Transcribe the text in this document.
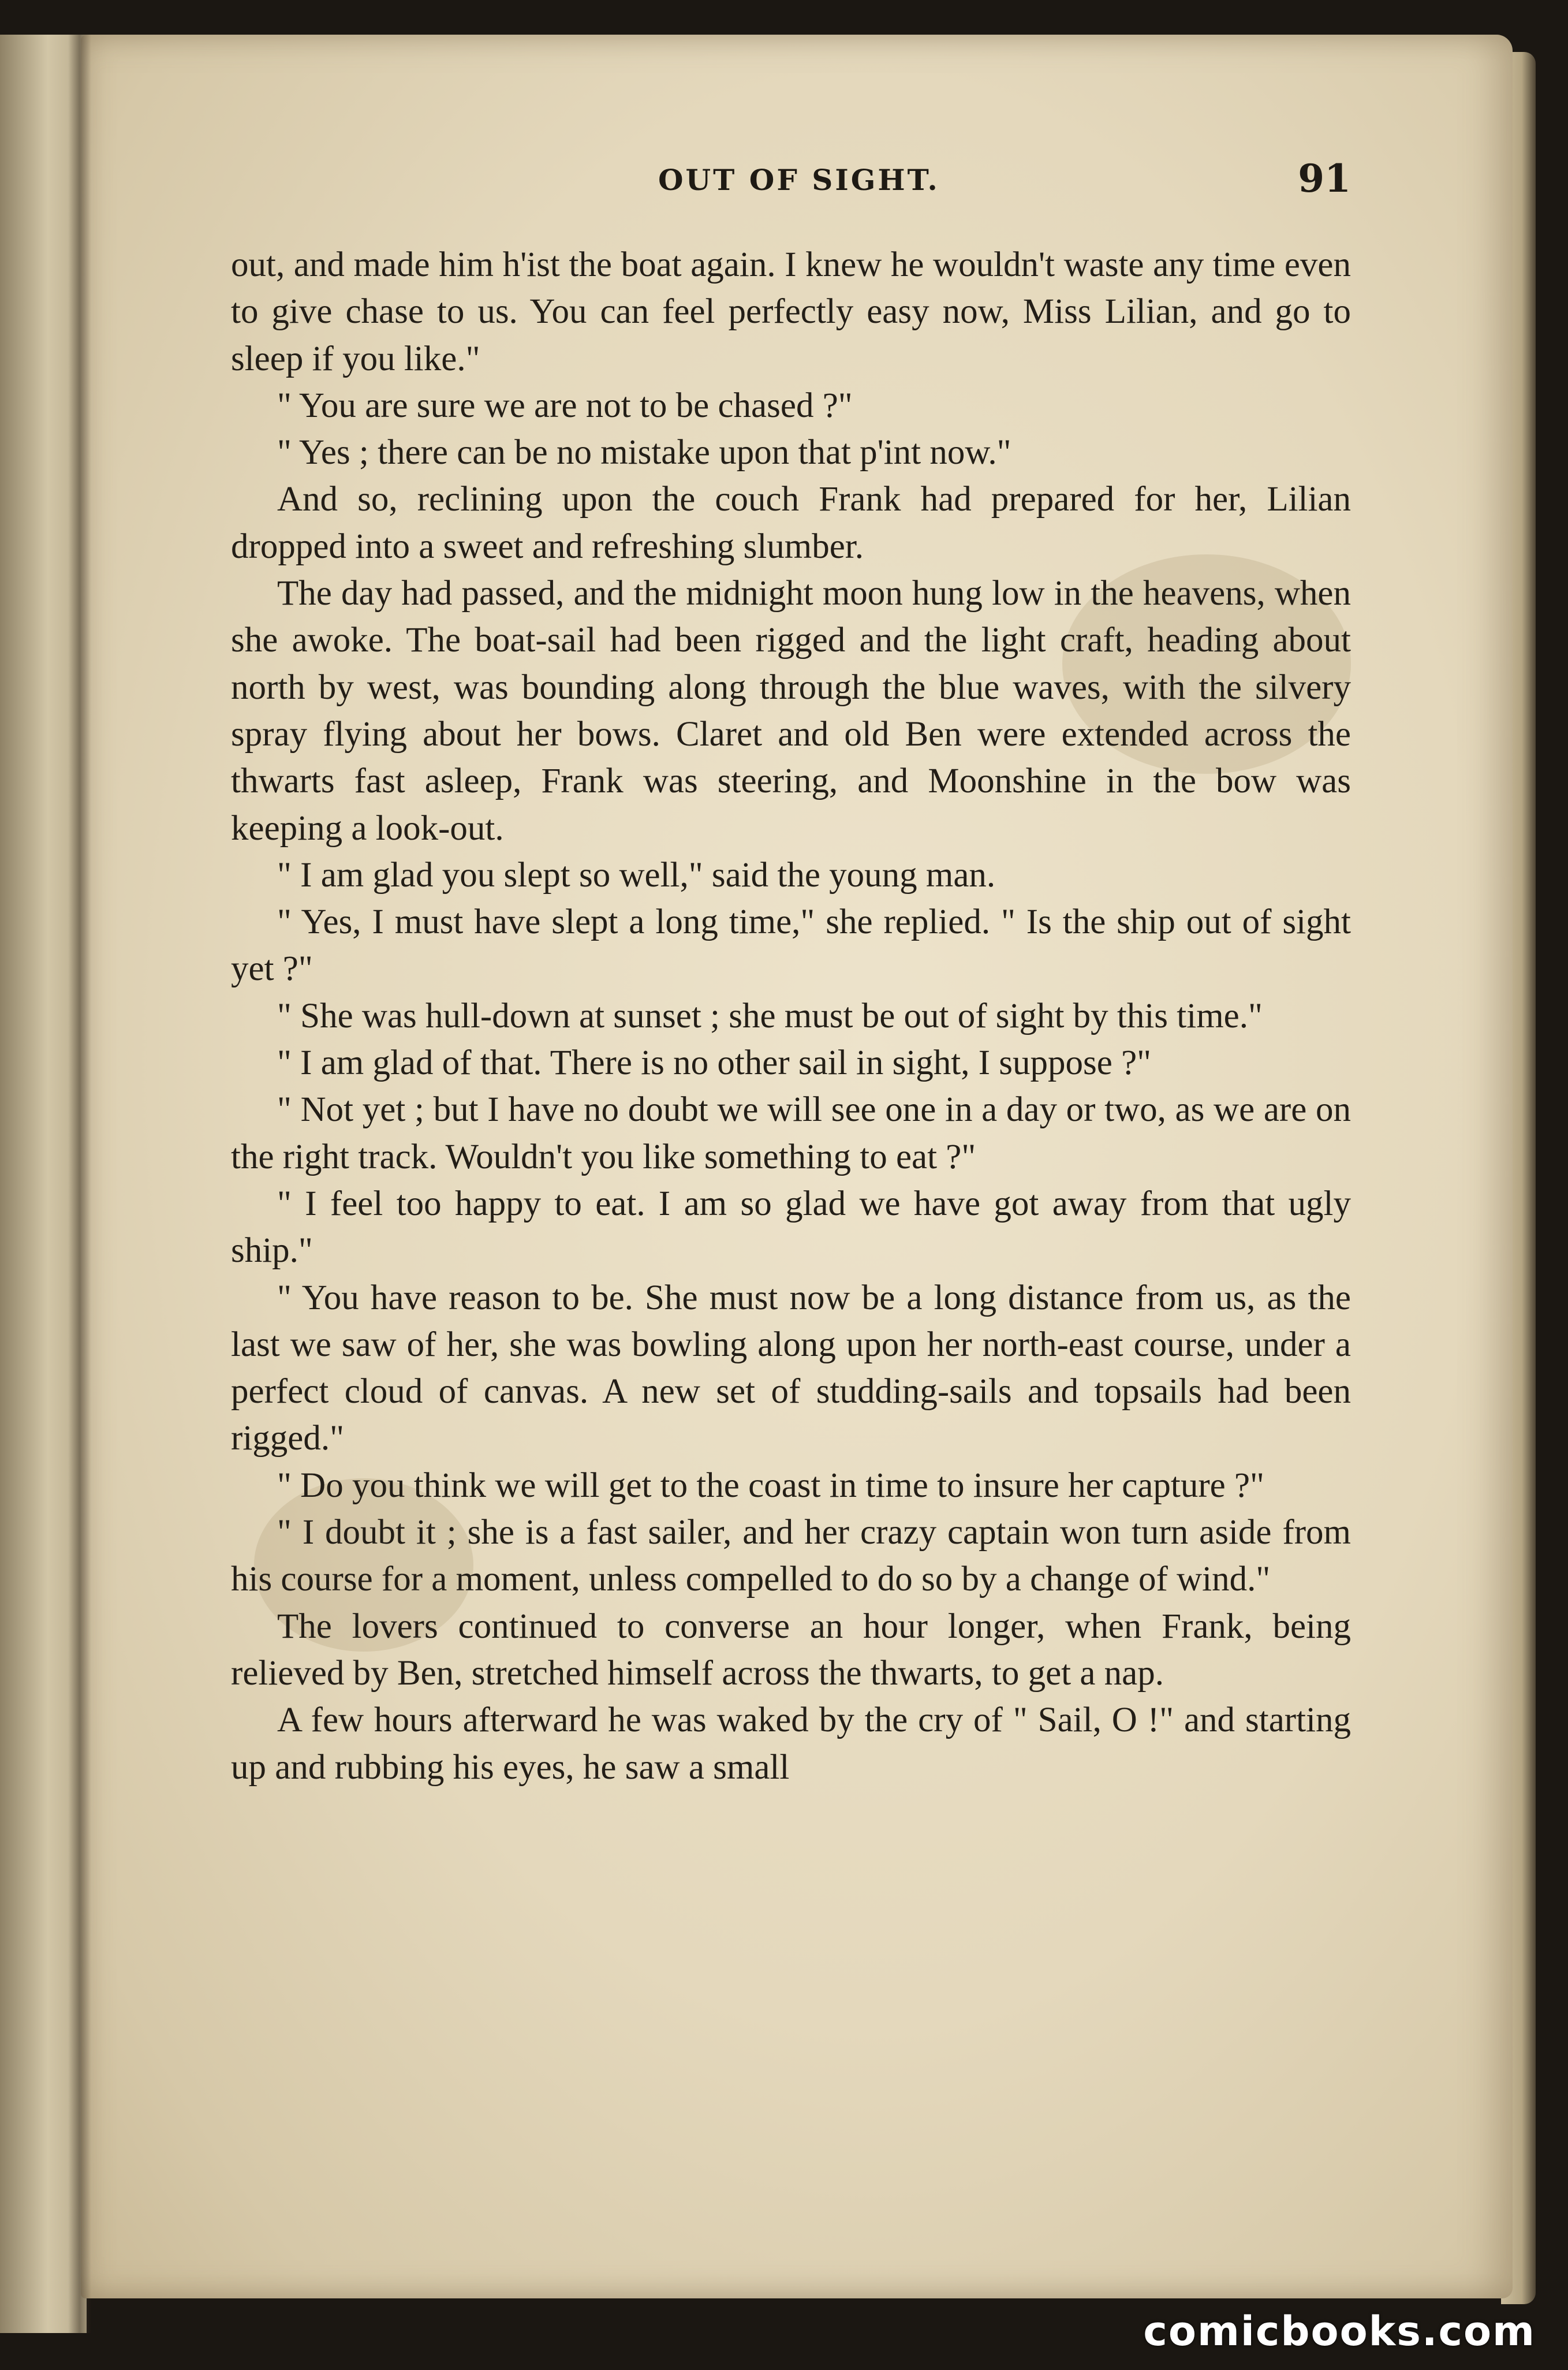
OUT OF SIGHT.	91

out, and made him h'ist the boat again. I knew he wouldn't waste any time even to give chase to us. You can feel perfectly easy now, Miss Lilian, and go to sleep if you like."

" You are sure we are not to be chased ?"

" Yes ; there can be no mistake upon that p'int now."

And so, reclining upon the couch Frank had prepared for her, Lilian dropped into a sweet and refreshing slumber.

The day had passed, and the midnight moon hung low in the heavens, when she awoke. The boat-sail had been rigged and the light craft, heading about north by west, was bounding along through the blue waves, with the silvery spray flying about her bows. Claret and old Ben were extended across the thwarts fast asleep, Frank was steering, and Moonshine in the bow was keeping a look-out.

" I am glad you slept so well," said the young man.

" Yes, I must have slept a long time," she replied. " Is the ship out of sight yet ?"

" She was hull-down at sunset ; she must be out of sight by this time."

" I am glad of that. There is no other sail in sight, I suppose ?"

" Not yet ; but I have no doubt we will see one in a day or two, as we are on the right track. Wouldn't you like something to eat ?"

" I feel too happy to eat. I am so glad we have got away from that ugly ship."

" You have reason to be. She must now be a long distance from us, as the last we saw of her, she was bowling along upon her north-east course, under a perfect cloud of canvas. A new set of studding-sails and topsails had been rigged."

" Do you think we will get to the coast in time to insure her capture ?"

" I doubt it ; she is a fast sailer, and her crazy captain won turn aside from his course for a moment, unless compelled to do so by a change of wind."

The lovers continued to converse an hour longer, when Frank, being relieved by Ben, stretched himself across the thwarts, to get a nap.

A few hours afterward he was waked by the cry of " Sail, O !" and starting up and rubbing his eyes, he saw a small

comicbooks.com
